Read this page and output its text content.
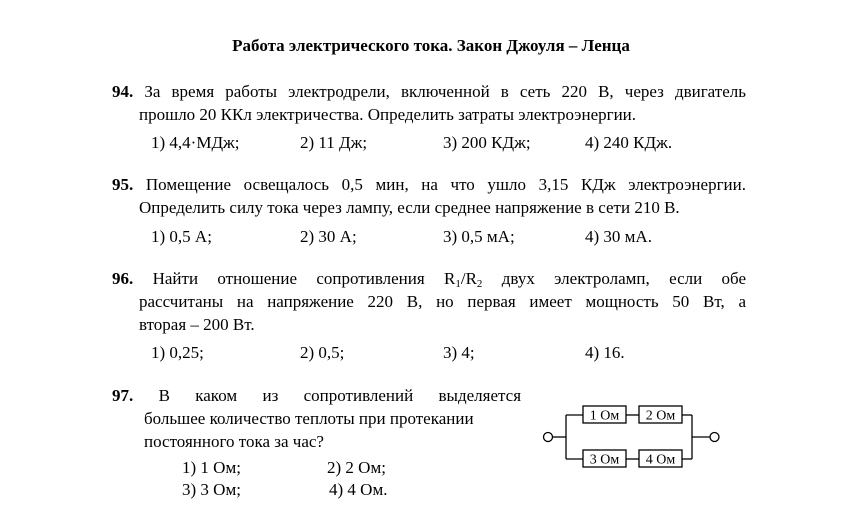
Работа электрического тока. Закон Джоуля – Ленца
94. За время работы электродрели, включенной в сеть 220 В, через двигатель
прошло 20 ККл электричества. Определить затраты электроэнергии.
1) 4,4·МДж;	2) 11 Дж;	3) 200 КДж;	4) 240 КДж.
95. Помещение освещалось 0,5 мин, на что ушло 3,15 КДж электроэнергии.
Определить силу тока через лампу, если среднее напряжение в сети 210 В.
1) 0,5 А;	2) 30 А;	3) 0,5 мА;	4) 30 мА.
96. Найти отношение сопротивления $R_1/R_2$ двух электроламп, если обе
рассчитаны на напряжение 220 В, но первая имеет мощность 50 Вт, а
вторая – 200 Вт.
1) 0,25;	2) 0,5;	3) 4;	4) 16.
97. В каком из сопротивлений выделяется
большее количество теплоты при протекании
постоянного тока за час?
1) 1 Ом;	2) 2 Ом;
3) 3 Ом;	4) 4 Ом.
1 Ом 2 Ом
3 Ом 4 Ом
